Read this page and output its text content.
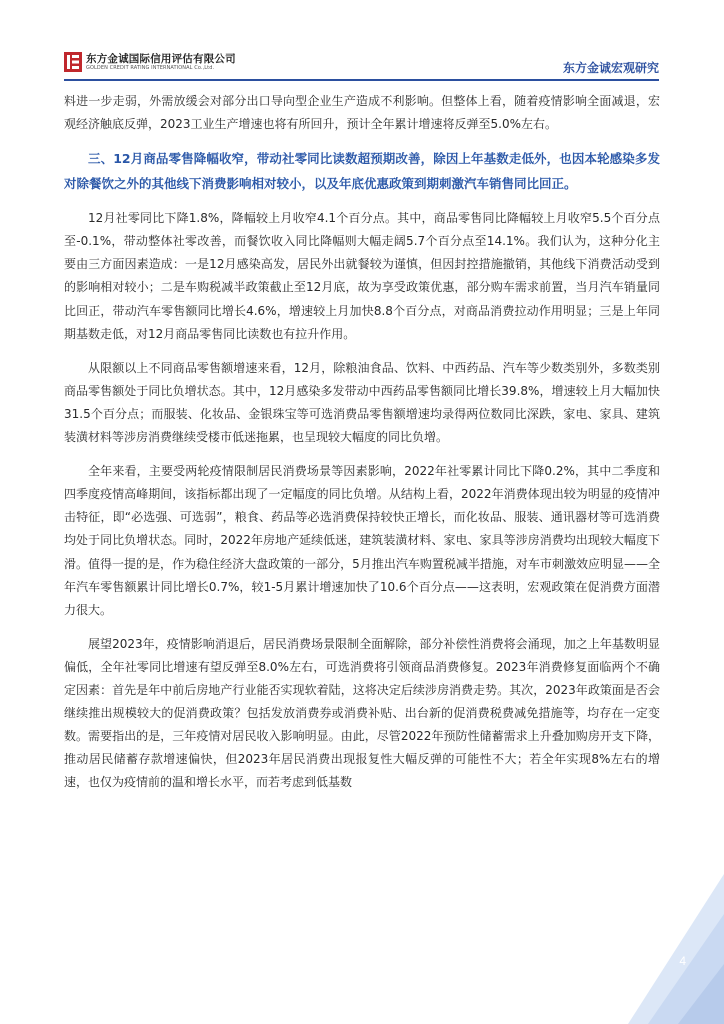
东方金诚国际信用评估有限公司
GOLDEN CREDIT RATING INTERNATIONAL Co.,Ltd.	东方金诚宏观研究

料进一步走弱，外需放缓会对部分出口导向型企业生产造成不利影响。但整体上看，随着疫情影响全面减退，宏观经济触底反弹，2023工业生产增速也将有所回升，预计全年累计增速将反弹至5.0%左右。

三、12月商品零售降幅收窄，带动社零同比读数超预期改善，除因上年基数走低外，也因本轮感染多发对除餐饮之外的其他线下消费影响相对较小，以及年底优惠政策到期刺激汽车销售同比回正。

12月社零同比下降1.8%，降幅较上月收窄4.1个百分点。其中，商品零售同比降幅较上月收窄5.5个百分点至-0.1%，带动整体社零改善，而餐饮收入同比降幅则大幅走阔5.7个百分点至14.1%。我们认为，这种分化主要由三方面因素造成：一是12月感染高发，居民外出就餐较为谨慎，但因封控措施撤销，其他线下消费活动受到的影响相对较小；二是车购税减半政策截止至12月底，故为享受政策优惠，部分购车需求前置，当月汽车销量同比回正，带动汽车零售额同比增长4.6%，增速较上月加快8.8个百分点，对商品消费拉动作用明显；三是上年同期基数走低，对12月商品零售同比读数也有拉升作用。

从限额以上不同商品零售额增速来看，12月，除粮油食品、饮料、中西药品、汽车等少数类别外，多数类别商品零售额处于同比负增状态。其中，12月感染多发带动中西药品零售额同比增长39.8%，增速较上月大幅加快31.5个百分点；而服装、化妆品、金银珠宝等可选消费品零售额增速均录得两位数同比深跌，家电、家具、建筑装潢材料等涉房消费继续受楼市低迷拖累，也呈现较大幅度的同比负增。

全年来看，主要受两轮疫情限制居民消费场景等因素影响，2022年社零累计同比下降0.2%，其中二季度和四季度疫情高峰期间，该指标都出现了一定幅度的同比负增。从结构上看，2022年消费体现出较为明显的疫情冲击特征，即“必选强、可选弱”，粮食、药品等必选消费保持较快正增长，而化妆品、服装、通讯器材等可选消费均处于同比负增状态。同时，2022年房地产延续低迷，建筑装潢材料、家电、家具等涉房消费均出现较大幅度下滑。值得一提的是，作为稳住经济大盘政策的一部分，5月推出汽车购置税减半措施，对车市刺激效应明显——全年汽车零售额累计同比增长0.7%，较1-5月累计增速加快了10.6个百分点——这表明，宏观政策在促消费方面潜力很大。

展望2023年，疫情影响消退后，居民消费场景限制全面解除，部分补偿性消费将会涌现，加之上年基数明显偏低，全年社零同比增速有望反弹至8.0%左右，可选消费将引领商品消费修复。2023年消费修复面临两个不确定因素：首先是年中前后房地产行业能否实现软着陆，这将决定后续涉房消费走势。其次，2023年政策面是否会继续推出规模较大的促消费政策？包括发放消费券或消费补贴、出台新的促消费税费减免措施等，均存在一定变数。需要指出的是，三年疫情对居民收入影响明显。由此，尽管2022年预防性储蓄需求上升叠加购房开支下降，推动居民储蓄存款增速偏快，但2023年居民消费出现报复性大幅反弹的可能性不大；若全年实现8%左右的增速，也仅为疫情前的温和增长水平，而若考虑到低基数

4
